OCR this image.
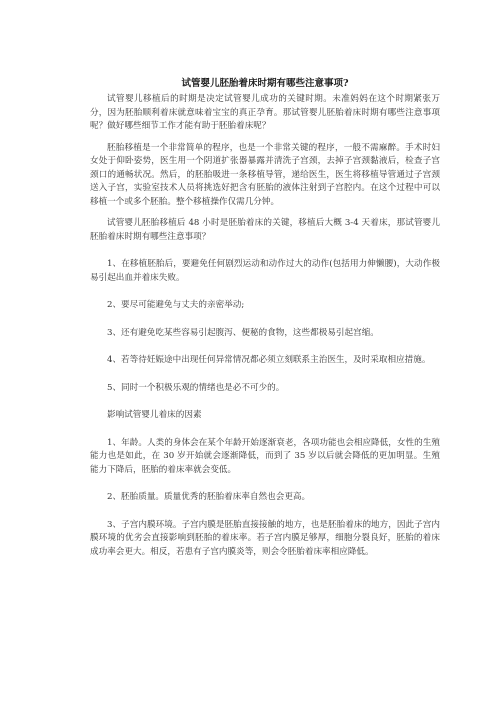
试管婴儿胚胎着床时期有哪些注意事项?

试管婴儿移植后的时期是决定试管婴儿成功的关键时期。未准妈妈在这个时期紧张万分，因为胚胎顺利着床就意味着宝宝的真正孕育。那试管婴儿胚胎着床时期有哪些注意事项呢？做好哪些细节工作才能有助于胚胎着床呢？

胚胎移植是一个非常简单的程序，也是一个非常关键的程序，一般不需麻醉。手术时妇女处于仰卧姿势，医生用一个阴道扩张器暴露并清洗子宫颈，去掉子宫颈黏液后，检查子宫颈口的通畅状况。然后，的胚胎吸进一条移植导管，递给医生，医生将移植导管通过子宫颈送入子宫，实验室技术人员将挑选好把含有胚胎的液体注射到子宫腔内。在这个过程中可以移植一个或多个胚胎。整个移植操作仅需几分钟。

试管婴儿胚胎移植后 48 小时是胚胎着床的关键，移植后大概 3-4 天着床，那试管婴儿胚胎着床时期有哪些注意事项？

1、在移植胚胎后，要避免任何剧烈运动和动作过大的动作(包括用力伸懒腰)，大动作极易引起出血并着床失败。

2、要尽可能避免与丈夫的亲密举动;

3、还有避免吃某些容易引起腹泻、便秘的食物，这些都极易引起宫缩。

4、若等待妊娠途中出现任何异常情况都必须立刻联系主治医生，及时采取相应措施。

5、同时一个积极乐观的情绪也是必不可少的。

影响试管婴儿着床的因素

1、年龄。人类的身体会在某个年龄开始逐渐衰老，各项功能也会相应降低，女性的生殖能力也是如此，在 30 岁开始就会逐渐降低，而到了 35 岁以后就会降低的更加明显。生殖能力下降后，胚胎的着床率就会变低。

2、胚胎质量。质量优秀的胚胎着床率自然也会更高。

3、子宫内膜环境。子宫内膜是胚胎直接接触的地方，也是胚胎着床的地方，因此子宫内膜环境的优劣会直接影响到胚胎的着床率。若子宫内膜足够厚，细胞分裂良好，胚胎的着床成功率会更大。相反，若患有子宫内膜炎等，则会令胚胎着床率相应降低。
